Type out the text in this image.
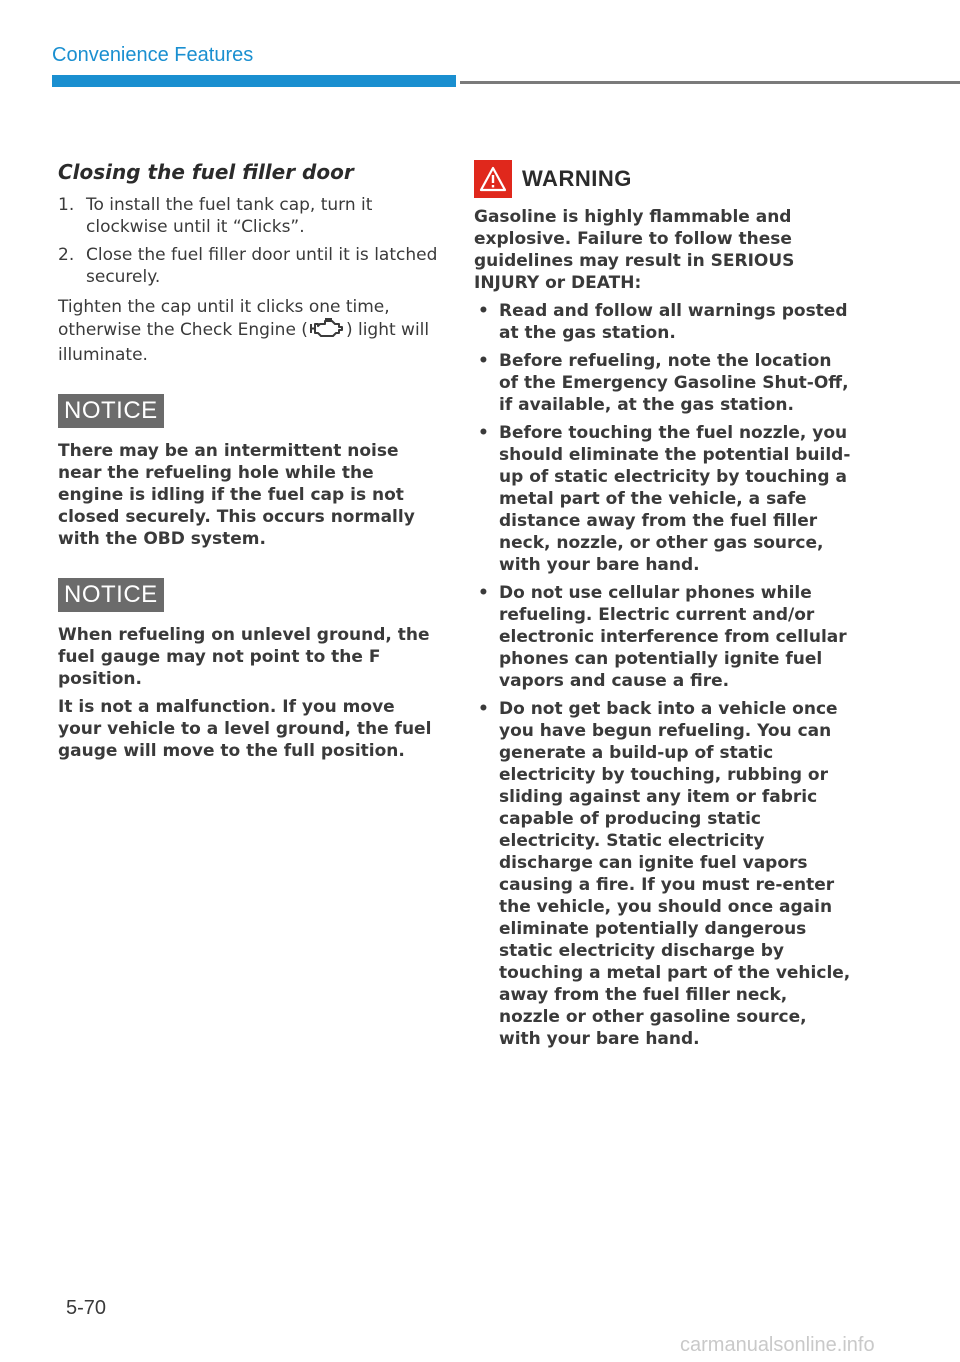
Convenience Features
Closing the fuel filler door
1. To install the fuel tank cap, turn it clockwise until it “Clicks”.
2. Close the fuel filler door until it is latched securely.

Tighten the cap until it clicks one time, otherwise the Check Engine ( ) light will illuminate.

NOTICE

There may be an intermittent noise near the refueling hole while the engine is idling if the fuel cap is not closed securely. This occurs normally with the OBD system.

NOTICE

When refueling on unlevel ground, the fuel gauge may not point to the F position.

It is not a malfunction. If you move your vehicle to a level ground, the fuel gauge will move to the full position.

WARNING

Gasoline is highly flammable and explosive. Failure to follow these guidelines may result in SERIOUS INJURY or DEATH:

• Read and follow all warnings posted at the gas station.
• Before refueling, note the location of the Emergency Gasoline Shut-Off, if available, at the gas station.
• Before touching the fuel nozzle, you should eliminate the potential build-up of static electricity by touching a metal part of the vehicle, a safe distance away from the fuel filler neck, nozzle, or other gas source, with your bare hand.
• Do not use cellular phones while refueling. Electric current and/or electronic interference from cellular phones can potentially ignite fuel vapors and cause a fire.
• Do not get back into a vehicle once you have begun refueling. You can generate a build-up of static electricity by touching, rubbing or sliding against any item or fabric capable of producing static electricity. Static electricity discharge can ignite fuel vapors causing a fire. If you must re-enter the vehicle, you should once again eliminate potentially dangerous static electricity discharge by touching a metal part of the vehicle, away from the fuel filler neck, nozzle or other gasoline source, with your bare hand.
5-70
carmanualsonline.info
